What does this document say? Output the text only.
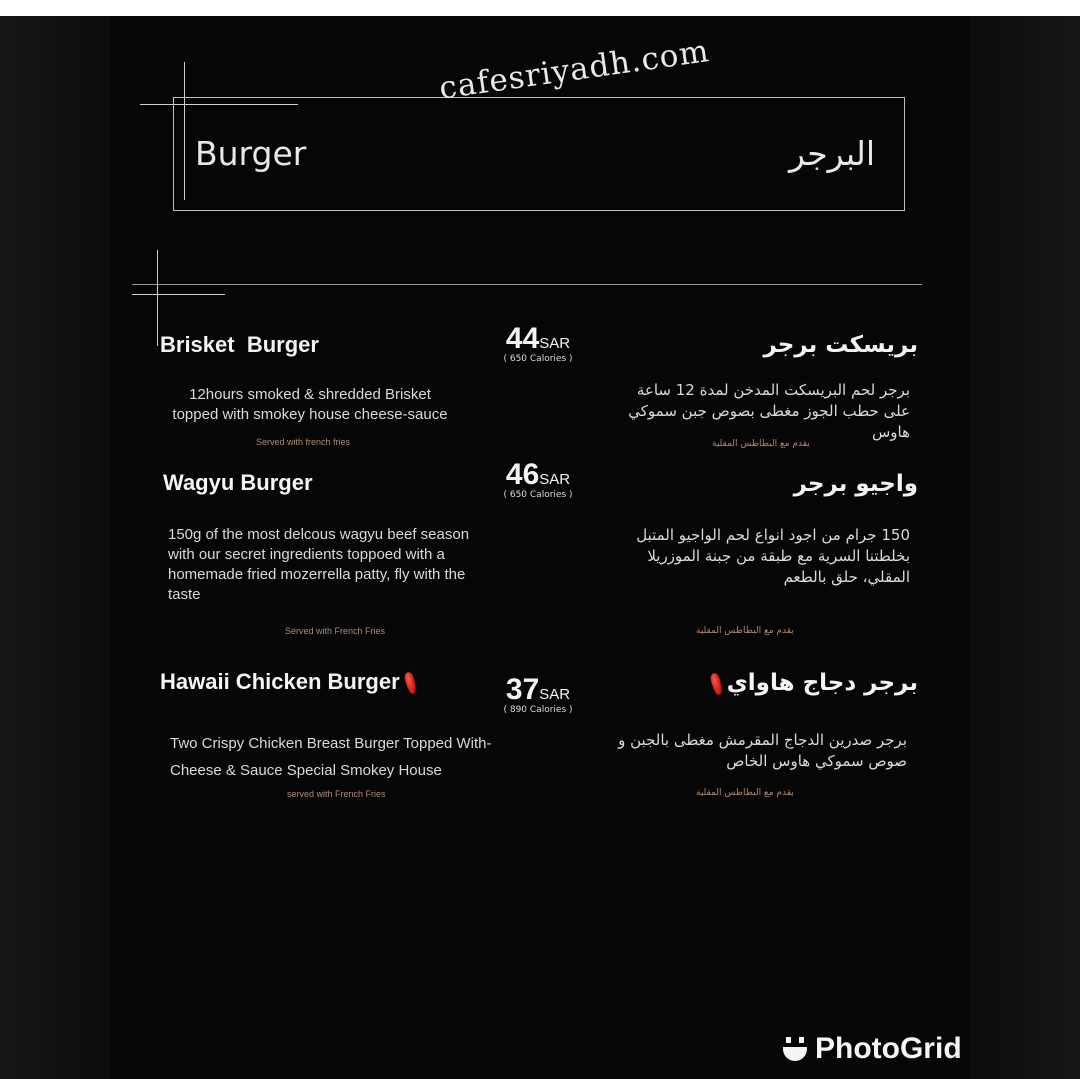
Burger	البرجر
cafesriyadh.com
Brisket  Burger	44SAR
( 650 Calories )
12hours smoked & shredded Brisket topped with smokey house cheese-sauce
Served with french fries
بريسكت برجر
برجر لحم البريسكت المدخن لمدة 12 ساعة على حطب الجوز مغطى بصوص جبن سموكي هاوس
يقدم مع البطاطس المقلية
Wagyu Burger	46SAR
( 650 Calories )
150g of the most delcous wagyu beef season with our secret ingredients toppoed with a homemade fried mozerrella patty, fly with the taste
Served with French Fries
واجيو برجر
150 جرام من اجود انواع لحم الواجيو المتبل بخلطتنا السرية مع طبقة من جبنة الموزريلا المقلي، حلق بالطعم
يقدم مع البطاطس المقلية
Hawaii Chicken Burger	37SAR
( 890 Calories )
Two Crispy Chicken Breast Burger Topped With- Cheese & Sauce Special Smokey House
served with French Fries
برجر دجاج هاواي
برجر صدرين الدجاج المقرمش مغطى بالجبن و صوص سموكي هاوس الخاص
يقدم مع البطاطس المقلية
PhotoGrid
